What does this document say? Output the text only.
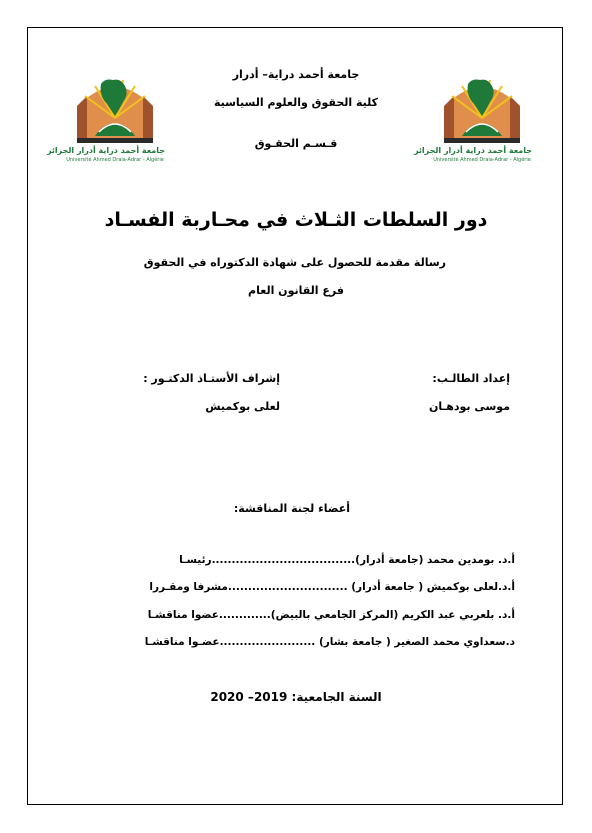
جامعة أحمد دراية أدرار الجزائر
Université Ahmed Draia-Adrar - Algérie
جامعة أحمد دراية أدرار الجزائر
Université Ahmed Draia-Adrar - Algérie
جامعة أحمد دراية– أدرار
كلية الحقوق والعلوم السياسية
قـسـم الحقـوق
دور السلطات الثـلاث في محـاربة الفسـاد
رسالة مقدمة للحصول على شهادة الدكتوراه في الحقوق
فرع القانون العام
إعداد الطالـب:
موسى بودهـان
إشراف الأستـاذ الدكتـور :
لعلى بوكميش
أعضاء لجنة المناقشة:
أ.د. بومدين محمد (جامعة أدرار)....................................رئيسـا
أ.د.لعلى بوكميش ( جامعة أدرار) ..............................مشرفا ومقـررا
أ.د. بلعربي عبد الكريم (المركز الجامعي بالبيض).............عضوا مناقشـا
د.سعداوي محمد الصغير ( جامعة بشار) ........................عضـوا مناقشـا
السنة الجامعية: 2019– 2020
